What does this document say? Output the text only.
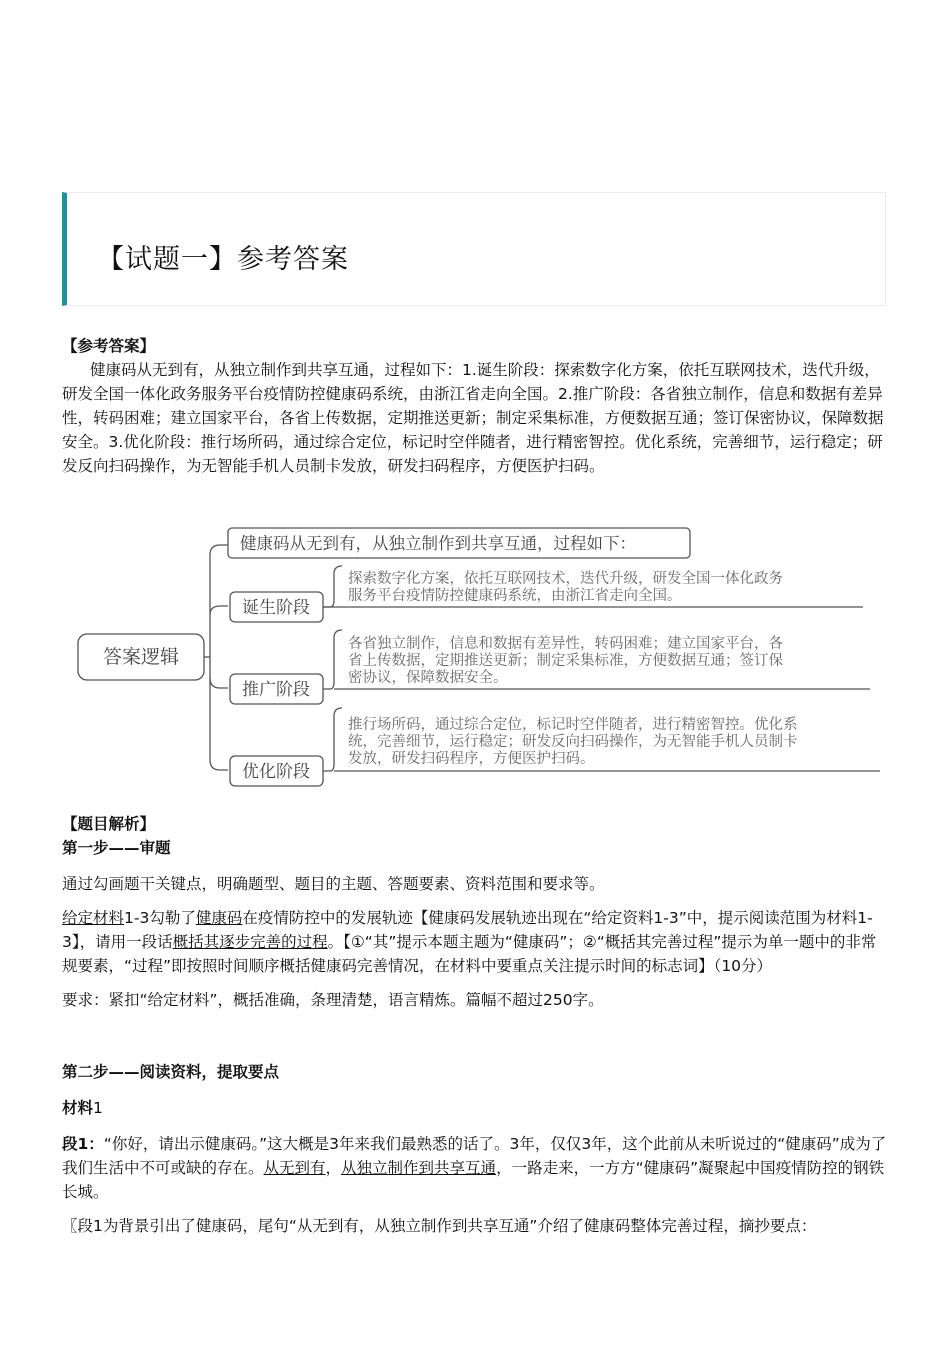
【试题一】参考答案

【参考答案】

健康码从无到有，从独立制作到共享互通，过程如下：1.诞生阶段：探索数字化方案，依托互联网技术，迭代升级，研发全国一体化政务服务平台疫情防控健康码系统，由浙江省走向全国。2.推广阶段：各省独立制作，信息和数据有差异性，转码困难；建立国家平台，各省上传数据，定期推送更新；制定采集标准，方便数据互通；签订保密协议，保障数据安全。3.优化阶段：推行场所码，通过综合定位，标记时空伴随者，进行精密智控。优化系统，完善细节，运行稳定；研发反向扫码操作，为无智能手机人员制卡发放，研发扫码程序，方便医护扫码。

答案逻辑
健康码从无到有，从独立制作到共享互通，过程如下：
诞生阶段
推广阶段
优化阶段
探索数字化方案，依托互联网技术，迭代升级，研发全国一体化政务
服务平台疫情防控健康码系统，由浙江省走向全国。
各省独立制作，信息和数据有差异性，转码困难；建立国家平台，各
省上传数据，定期推送更新；制定采集标准，方便数据互通；签订保
密协议，保障数据安全。
推行场所码，通过综合定位，标记时空伴随者，进行精密智控。优化系
统，完善细节，运行稳定；研发反向扫码操作，为无智能手机人员制卡
发放，研发扫码程序，方便医护扫码。

【题目解析】

第一步——审题

通过勾画题干关键点，明确题型、题目的主题、答题要素、资料范围和要求等。

给定材料1-3勾勒了健康码在疫情防控中的发展轨迹【健康码发展轨迹出现在“给定资料1-3”中，提示阅读范围为材料1-3】，请用一段话概括其逐步完善的过程。【①“其”提示本题主题为“健康码”；②“概括其完善过程”提示为单一题中的非常规要素，“过程”即按照时间顺序概括健康码完善情况，在材料中要重点关注提示时间的标志词】（10分）

要求：紧扣“给定材料”，概括准确，条理清楚，语言精炼。篇幅不超过250字。

第二步——阅读资料，提取要点

材料1

段1：“你好，请出示健康码。”这大概是3年来我们最熟悉的话了。3年，仅仅3年，这个此前从未听说过的“健康码”成为了我们生活中不可或缺的存在。从无到有，从独立制作到共享互通，一路走来，一方方“健康码”凝聚起中国疫情防控的钢铁长城。

〖段1为背景引出了健康码，尾句“从无到有，从独立制作到共享互通”介绍了健康码整体完善过程，摘抄要点：
